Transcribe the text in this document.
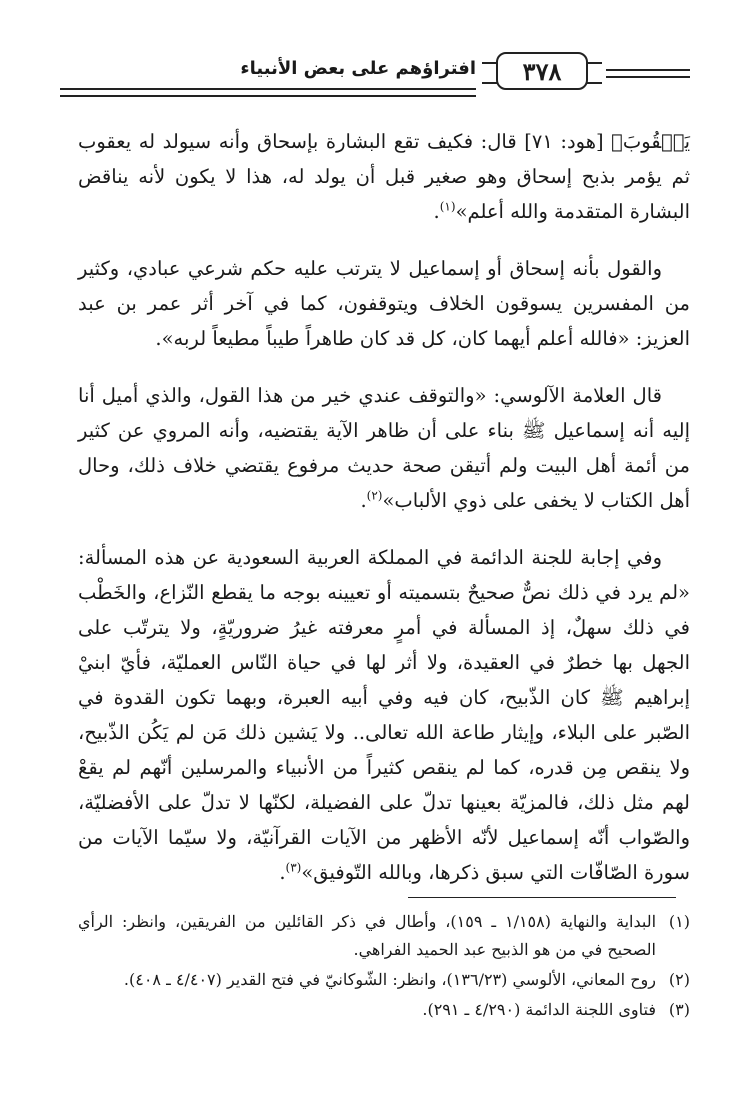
٣٧٨
افتراؤهم على بعض الأنبياء

يَعۡقُوبَ﴾ [هود: ٧١] قال: فكيف تقع البشارة بإسحاق وأنه سيولد له يعقوب ثم يؤمر بذبح إسحاق وهو صغير قبل أن يولد له، هذا لا يكون لأنه يناقض البشارة المتقدمة والله أعلم»$^{(١)}$.

والقول بأنه إسحاق أو إسماعيل لا يترتب عليه حكم شرعي عبادي، وكثير من المفسرين يسوقون الخلاف ويتوقفون، كما في آخر أثر عمر بن عبد العزيز: «فالله أعلم أيهما كان، كل قد كان طاهراً طيباً مطيعاً لربه».

قال العلامة الآلوسي: «والتوقف عندي خير من هذا القول، والذي أميل أنا إليه أنه إسماعيل ﷺ بناء على أن ظاهر الآية يقتضيه، وأنه المروي عن كثير من أئمة أهل البيت ولم أتيقن صحة حديث مرفوع يقتضي خلاف ذلك، وحال أهل الكتاب لا يخفى على ذوي الألباب»$^{(٢)}$.

وفي إجابة للجنة الدائمة في المملكة العربية السعودية عن هذه المسألة: «لم يرد في ذلك نصٌّ صحيحٌ بتسميته أو تعيينه بوجه ما يقطع النّزاع، والخَطْب في ذلك سهلٌ، إذ المسألة في أمرٍ معرفته غيرُ ضروريّةٍ، ولا يترتّب على الجهل بها خطرٌ في العقيدة، ولا أثر لها في حياة النّاس العمليّة، فأيّ ابنيْ إبراهيم ﷺ كان الذّبيح، كان فيه وفي أبيه العبرة، وبهما تكون القدوة في الصّبر على البلاء، وإيثار طاعة الله تعالى.. ولا يَشين ذلك مَن لم يَكُن الذّبيح، ولا ينقص مِن قدره، كما لم ينقص كثيراً من الأنبياء والمرسلين أنّهم لم يقعْ لهم مثل ذلك، فالمزيّة بعينها تدلّ على الفضيلة، لكنّها لا تدلّ على الأفضليّة، والصّواب أنّه إسماعيل لأنّه الأظهر من الآيات القرآنيّة، ولا سيّما الآيات من سورة الصّافّات التي سبق ذكرها، وبالله التّوفيق»$^{(٣)}$.

(١)
البداية والنهاية (١/١٥٨ ـ ١٥٩)، وأطال في ذكر القائلين من الفريقين، وانظر: الرأي الصحيح في من هو الذبيح عبد الحميد الفراهي.
(٢)
روح المعاني، الألوسي (١٣٦/٢٣)، وانظر: الشّوكانيّ في فتح القدير (٤/٤٠٧ ـ ٤٠٨).
(٣)
فتاوى اللجنة الدائمة (٤/٢٩٠ ـ ٢٩١).
